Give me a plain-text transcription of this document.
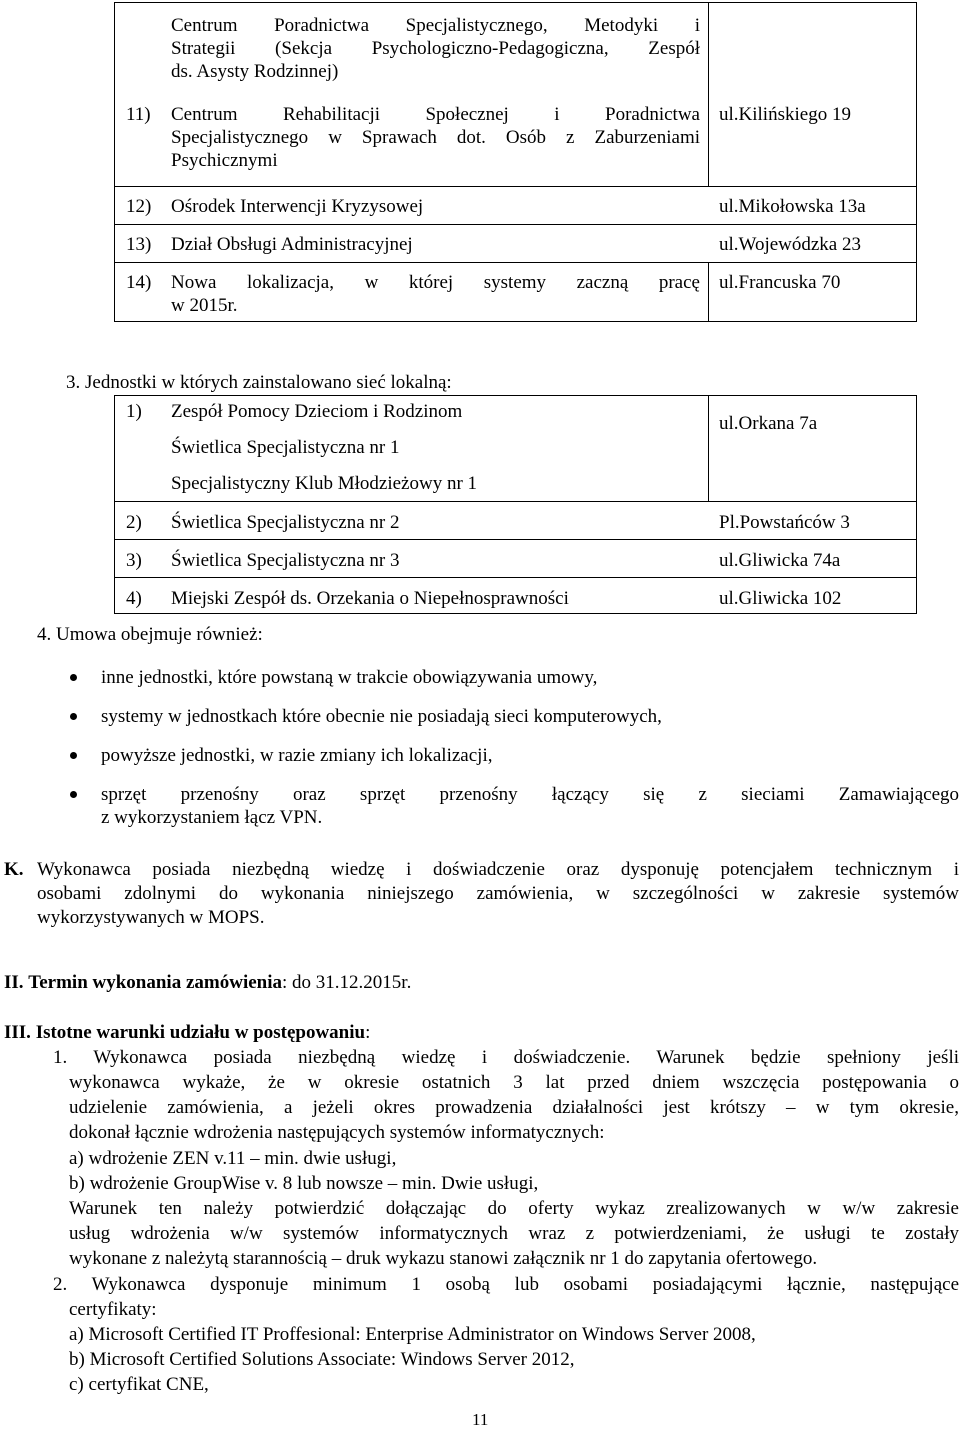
Centrum Poradnictwa Specjalistycznego, Metodyki i
Strategii (Sekcja Psychologiczno-Pedagogiczna, Zespół
ds. Asysty Rodzinnej)
11) Centrum Rehabilitacji Społecznej i Poradnictwa
Specjalistycznego w Sprawach dot. Osób z Zaburzeniami
Psychicznymi
ul.Kilińskiego 19
12) Ośrodek Interwencji Kryzysowej	ul.Mikołowska 13a
13) Dział Obsługi Administracyjnej	ul.Wojewódzka 23
14) Nowa lokalizacja, w której systemy zaczną pracę
w 2015r.
ul.Francuska 70
3. Jednostki w których zainstalowano sieć lokalną:
1) Zespół Pomocy Dzieciom i Rodzinom
Świetlica Specjalistyczna nr 1
Specjalistyczny Klub Młodzieżowy nr 1
ul.Orkana 7a
2) Świetlica Specjalistyczna nr 2	Pl.Powstańców 3
3) Świetlica Specjalistyczna nr 3	ul.Gliwicka 74a
4) Miejski Zespół ds. Orzekania o Niepełnosprawności	ul.Gliwicka 102
4. Umowa obejmuje również:
inne jednostki, które powstaną w trakcie obowiązywania umowy,
systemy w jednostkach które obecnie nie posiadają sieci komputerowych,
powyższe jednostki, w razie zmiany ich lokalizacji,
sprzęt przenośny oraz sprzęt przenośny łączący się z sieciami Zamawiającego
z wykorzystaniem łącz VPN.
K. Wykonawca posiada niezbędną wiedzę i doświadczenie oraz dysponuję potencjałem technicznym i
osobami zdolnymi do wykonania niniejszego zamówienia, w szczególności w zakresie systemów
wykorzystywanych w MOPS.
II. Termin wykonania zamówienia: do 31.12.2015r.
III. Istotne warunki udziału w postępowaniu:
1. Wykonawca posiada niezbędną wiedzę i doświadczenie. Warunek będzie spełniony jeśli
wykonawca wykaże, że w okresie ostatnich 3 lat przed dniem wszczęcia postępowania o
udzielenie zamówienia, a jeżeli okres prowadzenia działalności jest krótszy – w tym okresie,
dokonał łącznie wdrożenia następujących systemów informatycznych:
a) wdrożenie ZEN v.11 – min. dwie usługi,
b) wdrożenie GroupWise v. 8 lub nowsze – min. Dwie usługi,
Warunek ten należy potwierdzić dołączając do oferty wykaz zrealizowanych w w/w zakresie
usług wdrożenia w/w systemów informatycznych wraz z potwierdzeniami, że usługi te zostały
wykonane z należytą starannością – druk wykazu stanowi załącznik nr 1 do zapytania ofertowego.
2. Wykonawca dysponuje minimum 1 osobą lub osobami posiadającymi łącznie, następujące
certyfikaty:
a) Microsoft Certified IT Proffesional: Enterprise Administrator on Windows Server 2008,
b) Microsoft Certified Solutions Associate: Windows Server 2012,
c) certyfikat CNE,
11
